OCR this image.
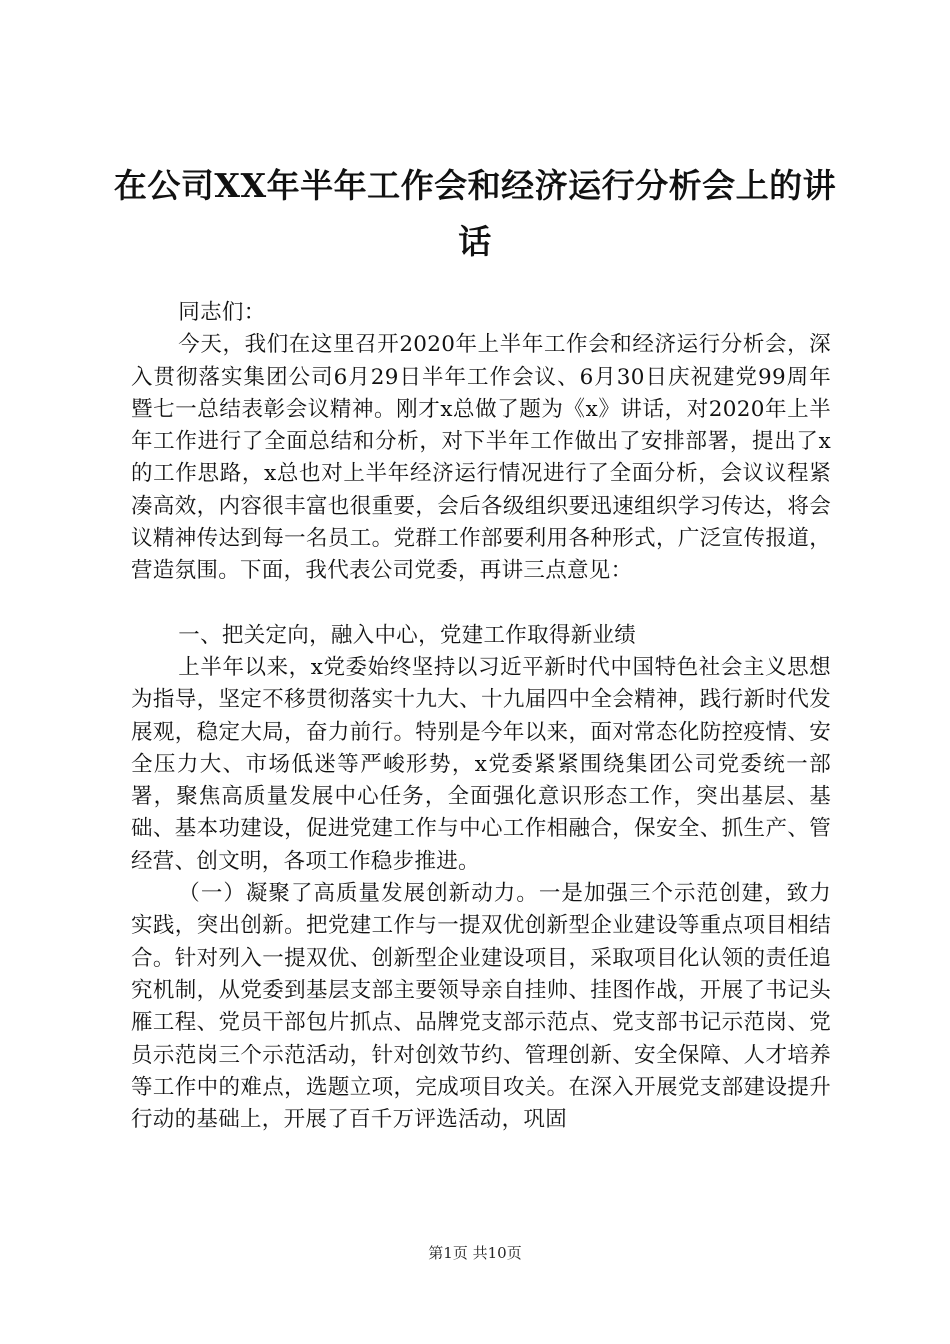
在公司XX年半年工作会和经济运行分析会上的讲话

同志们：

今天，我们在这里召开2020年上半年工作会和经济运行分析会，深入贯彻落实集团公司6月29日半年工作会议、6月30日庆祝建党99周年暨七一总结表彰会议精神。刚才x总做了题为《x》讲话，对2020年上半年工作进行了全面总结和分析，对下半年工作做出了安排部署，提出了x的工作思路，x总也对上半年经济运行情况进行了全面分析，会议议程紧凑高效，内容很丰富也很重要，会后各级组织要迅速组织学习传达，将会议精神传达到每一名员工。党群工作部要利用各种形式，广泛宣传报道，营造氛围。下面，我代表公司党委，再讲三点意见：

一、把关定向，融入中心，党建工作取得新业绩

上半年以来，x党委始终坚持以习近平新时代中国特色社会主义思想为指导，坚定不移贯彻落实十九大、十九届四中全会精神，践行新时代发展观，稳定大局，奋力前行。特别是今年以来，面对常态化防控疫情、安全压力大、市场低迷等严峻形势，x党委紧紧围绕集团公司党委统一部署，聚焦高质量发展中心任务，全面强化意识形态工作，突出基层、基础、基本功建设，促进党建工作与中心工作相融合，保安全、抓生产、管经营、创文明，各项工作稳步推进。

（一）凝聚了高质量发展创新动力。一是加强三个示范创建，致力实践，突出创新。把党建工作与一提双优创新型企业建设等重点项目相结合。针对列入一提双优、创新型企业建设项目，采取项目化认领的责任追究机制，从党委到基层支部主要领导亲自挂帅、挂图作战，开展了书记头雁工程、党员干部包片抓点、品牌党支部示范点、党支部书记示范岗、党员示范岗三个示范活动，针对创效节约、管理创新、安全保障、人才培养等工作中的难点，选题立项，完成项目攻关。在深入开展党支部建设提升行动的基础上，开展了百千万评选活动，巩固

第1页 共10页
